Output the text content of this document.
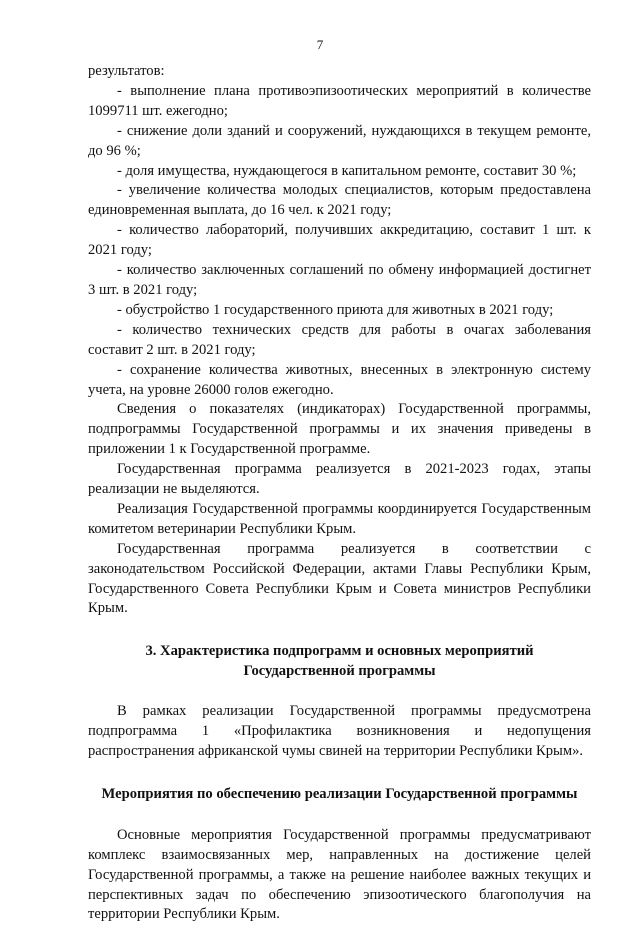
7

результатов:

- выполнение плана противоэпизоотических мероприятий в количестве 1099711 шт. ежегодно;

- снижение доли зданий и сооружений, нуждающихся в текущем ремонте, до 96 %;

- доля имущества, нуждающегося в капитальном ремонте, составит 30 %;

- увеличение количества молодых специалистов, которым предоставлена единовременная выплата, до 16 чел. к 2021 году;

- количество лабораторий, получивших аккредитацию, составит 1 шт. к 2021 году;

- количество заключенных соглашений по обмену информацией достигнет 3 шт. в 2021 году;

- обустройство 1 государственного приюта для животных в 2021 году;

- количество технических средств для работы в очагах заболевания составит 2 шт. в 2021 году;

- сохранение количества животных, внесенных в электронную систему учета, на уровне 26000 голов ежегодно.

Сведения о показателях (индикаторах) Государственной программы, подпрограммы Государственной программы и их значения приведены в приложении 1 к Государственной программе.

Государственная программа реализуется в 2021-2023 годах, этапы реализации не выделяются.

Реализация Государственной программы координируется Государственным комитетом ветеринарии Республики Крым.

Государственная программа реализуется в соответствии с законодательством Российской Федерации, актами Главы Республики Крым, Государственного Совета Республики Крым и Совета министров Республики Крым.

3. Характеристика подпрограмм и основных мероприятий
Государственной программы

В рамках реализации Государственной программы предусмотрена подпрограмма 1 «Профилактика возникновения и недопущения распространения африканской чумы свиней на территории Республики Крым».

Мероприятия по обеспечению реализации Государственной программы

Основные мероприятия Государственной программы предусматривают комплекс взаимосвязанных мер, направленных на достижение целей Государственной программы, а также на решение наиболее важных текущих и перспективных задач по обеспечению эпизоотического благополучия на территории Республики Крым.
